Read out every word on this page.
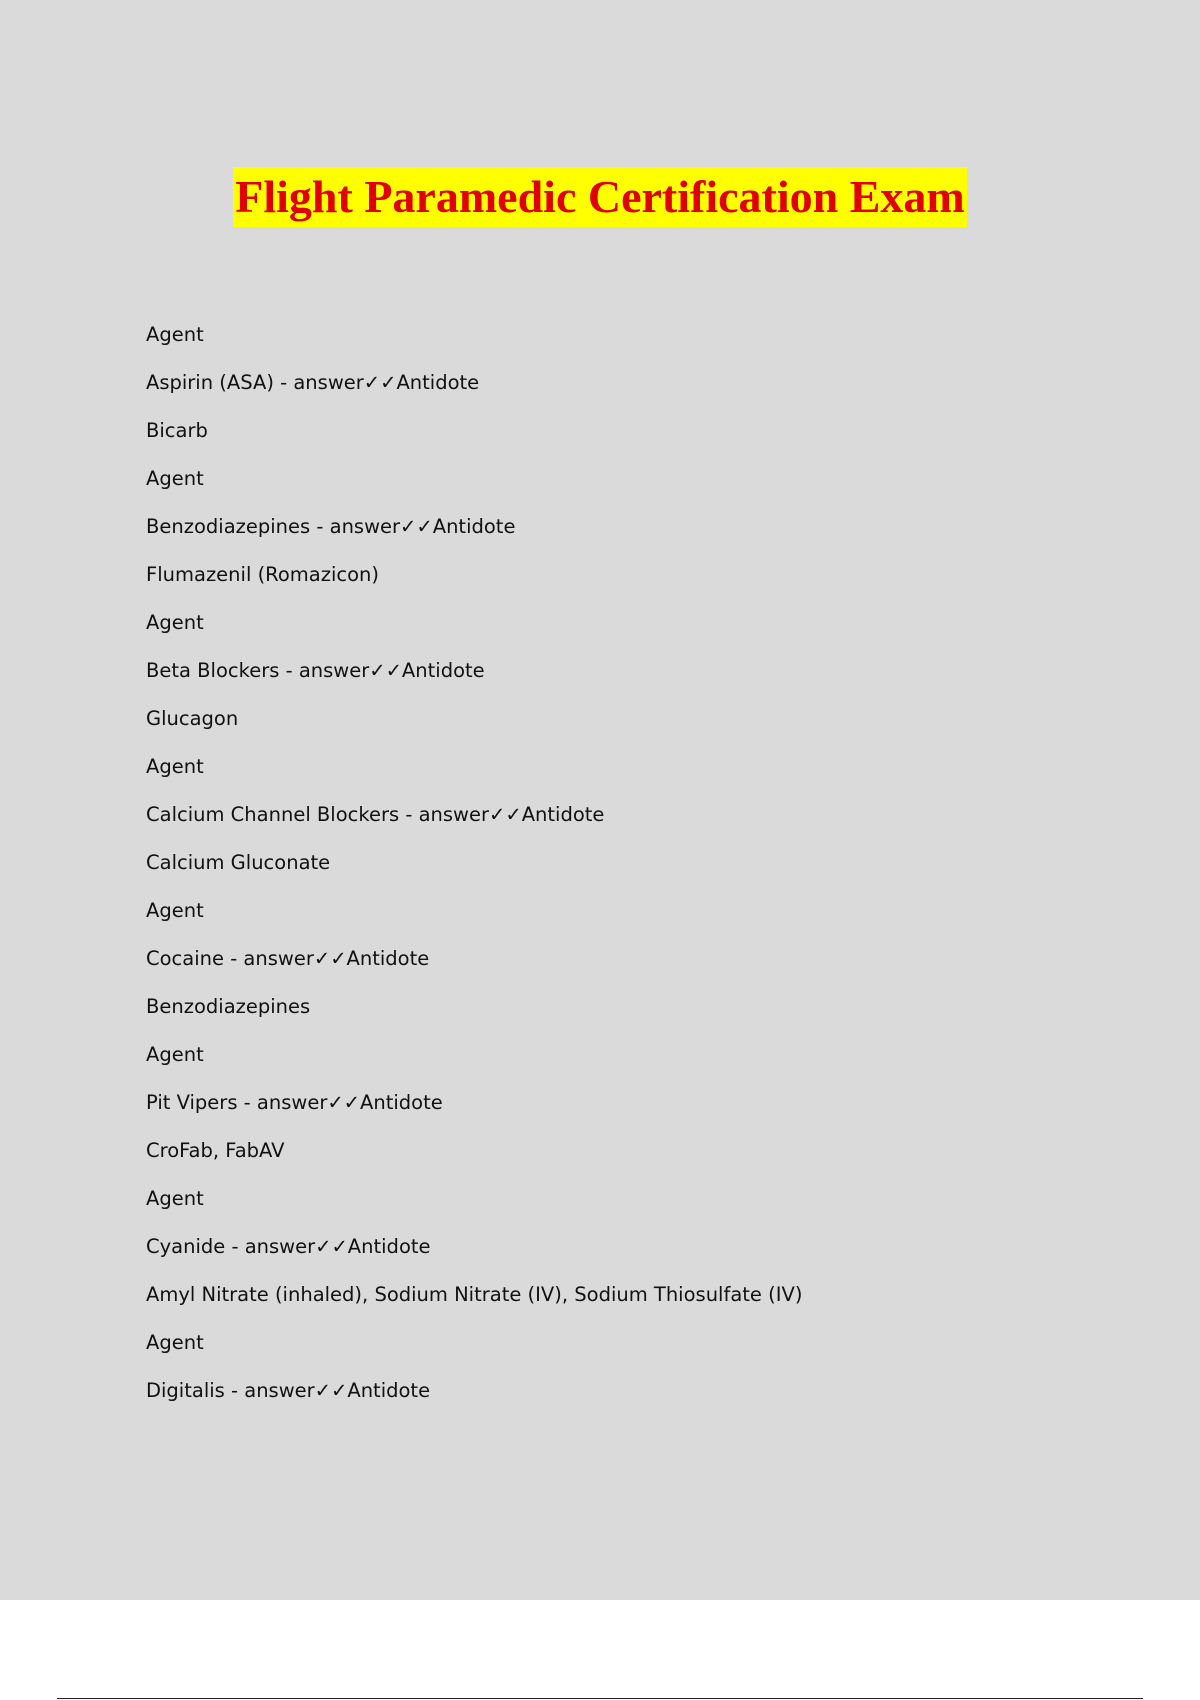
Flight Paramedic Certification Exam
Agent
Aspirin (ASA) - answer✓✓Antidote
Bicarb
Agent
Benzodiazepines - answer✓✓Antidote
Flumazenil (Romazicon)
Agent
Beta Blockers - answer✓✓Antidote
Glucagon
Agent
Calcium Channel Blockers - answer✓✓Antidote
Calcium Gluconate
Agent
Cocaine - answer✓✓Antidote
Benzodiazepines
Agent
Pit Vipers - answer✓✓Antidote
CroFab, FabAV
Agent
Cyanide - answer✓✓Antidote
Amyl Nitrate (inhaled), Sodium Nitrate (IV), Sodium Thiosulfate (IV)
Agent
Digitalis - answer✓✓Antidote
